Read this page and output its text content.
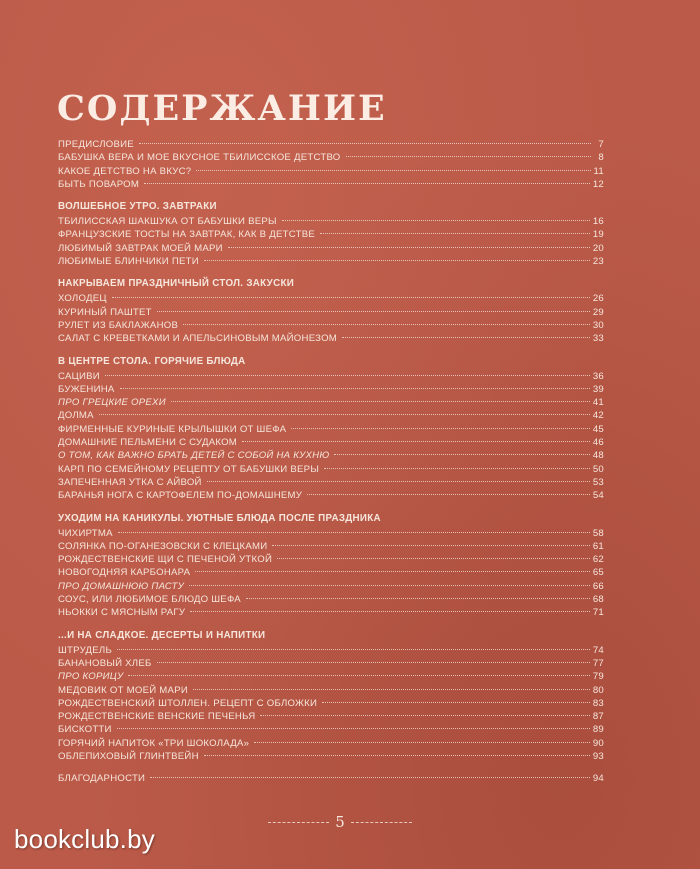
СОДЕРЖАНИЕ
ПРЕДИСЛОВИЕ	7
БАБУШКА ВЕРА И МОЕ ВКУСНОЕ ТБИЛИССКОЕ ДЕТСТВО	8
КАКОЕ ДЕТСТВО НА ВКУС?	11
БЫТЬ ПОВАРОМ	12
ВОЛШЕБНОЕ УТРО. ЗАВТРАКИ
ТБИЛИССКАЯ ШАКШУКА ОТ БАБУШКИ ВЕРЫ	16
ФРАНЦУЗСКИЕ ТОСТЫ НА ЗАВТРАК, КАК В ДЕТСТВЕ	19
ЛЮБИМЫЙ ЗАВТРАК МОЕЙ МАРИ	20
ЛЮБИМЫЕ БЛИНЧИКИ ПЕТИ	23
НАКРЫВАЕМ ПРАЗДНИЧНЫЙ СТОЛ. ЗАКУСКИ
ХОЛОДЕЦ	26
КУРИНЫЙ ПАШТЕТ	29
РУЛЕТ ИЗ БАКЛАЖАНОВ	30
САЛАТ С КРЕВЕТКАМИ И АПЕЛЬСИНОВЫМ МАЙОНЕЗОМ	33
В ЦЕНТРЕ СТОЛА. ГОРЯЧИЕ БЛЮДА
САЦИВИ	36
БУЖЕНИНА	39
ПРО ГРЕЦКИЕ ОРЕХИ	41
ДОЛМА	42
ФИРМЕННЫЕ КУРИНЫЕ КРЫЛЫШКИ ОТ ШЕФА	45
ДОМАШНИЕ ПЕЛЬМЕНИ С СУДАКОМ	46
О ТОМ, КАК ВАЖНО БРАТЬ ДЕТЕЙ С СОБОЙ НА КУХНЮ	48
КАРП ПО СЕМЕЙНОМУ РЕЦЕПТУ ОТ БАБУШКИ ВЕРЫ	50
ЗАПЕЧЕННАЯ УТКА С АЙВОЙ	53
БАРАНЬЯ НОГА С КАРТОФЕЛЕМ ПО-ДОМАШНЕМУ	54
УХОДИМ НА КАНИКУЛЫ. УЮТНЫЕ БЛЮДА ПОСЛЕ ПРАЗДНИКА
ЧИХИРТМА	58
СОЛЯНКА ПО-ОГАНЕЗОВСКИ С КЛЕЦКАМИ	61
РОЖДЕСТВЕНСКИЕ ЩИ С ПЕЧЕНОЙ УТКОЙ	62
НОВОГОДНЯЯ КАРБОНАРА	65
ПРО ДОМАШНЮЮ ПАСТУ	66
СОУС, ИЛИ ЛЮБИМОЕ БЛЮДО ШЕФА	68
НЬОККИ С МЯСНЫМ РАГУ	71
...И НА СЛАДКОЕ. ДЕСЕРТЫ И НАПИТКИ
ШТРУДЕЛЬ	74
БАНАНОВЫЙ ХЛЕБ	77
ПРО КОРИЦУ	79
МЕДОВИК ОТ МОЕЙ МАРИ	80
РОЖДЕСТВЕНСКИЙ ШТОЛЛЕН. РЕЦЕПТ С ОБЛОЖКИ	83
РОЖДЕСТВЕНСКИЕ ВЕНСКИЕ ПЕЧЕНЬЯ	87
БИСКОТТИ	89
ГОРЯЧИЙ НАПИТОК «ТРИ ШОКОЛАДА»	90
ОБЛЕПИХОВЫЙ ГЛИНТВЕЙН	93
БЛАГОДАРНОСТИ	94
5
bookclub.by
